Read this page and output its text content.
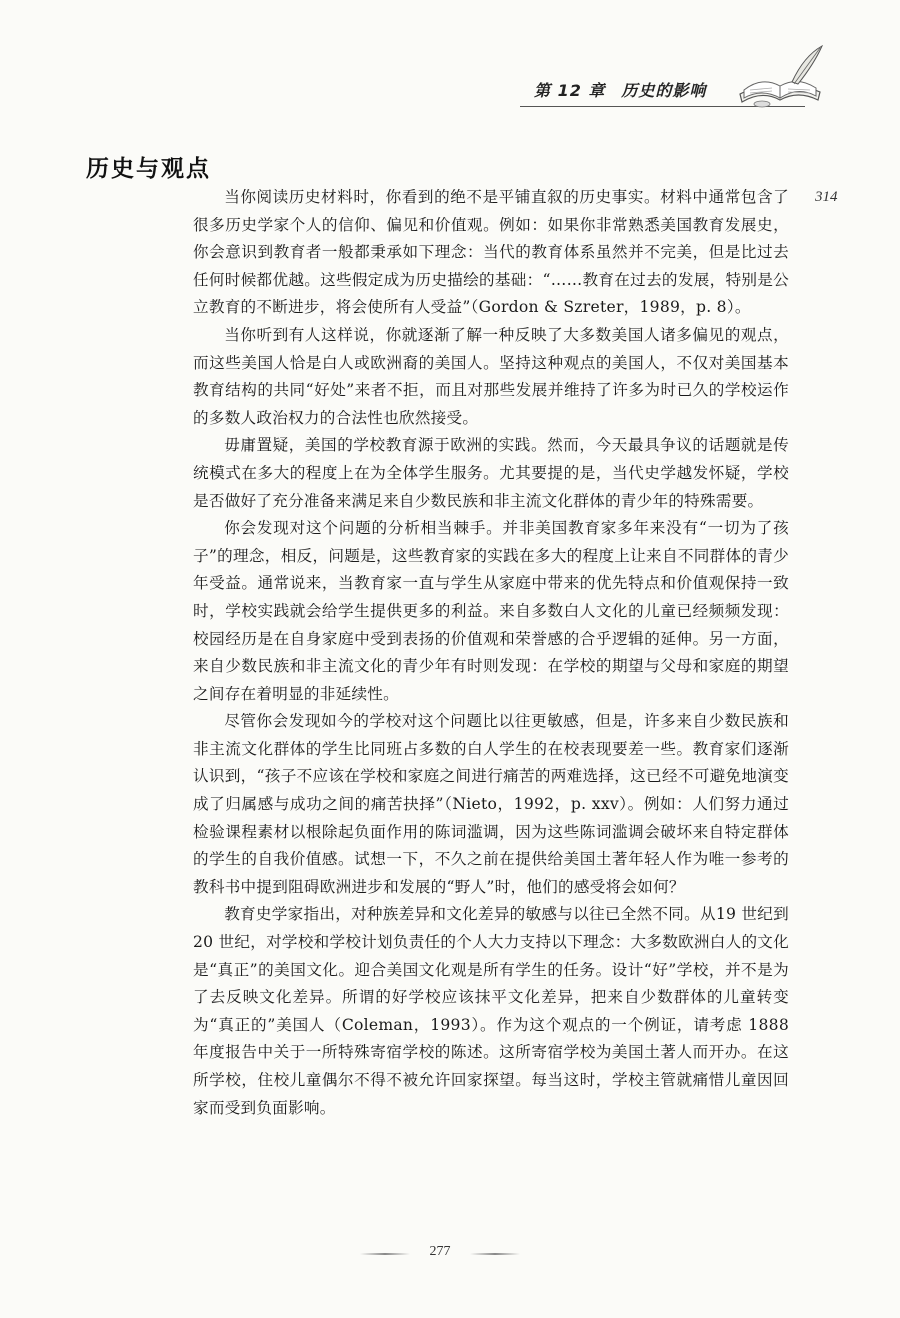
第 12 章 历史的影响
历史与观点
314

当你阅读历史材料时，你看到的绝不是平铺直叙的历史事实。材料中通常包含了很多历史学家个人的信仰、偏见和价值观。例如：如果你非常熟悉美国教育发展史，你会意识到教育者一般都秉承如下理念：当代的教育体系虽然并不完美，但是比过去任何时候都优越。这些假定成为历史描绘的基础：“……教育在过去的发展，特别是公立教育的不断进步，将会使所有人受益”（Gordon & Szreter，1989，p. 8）。

当你听到有人这样说，你就逐渐了解一种反映了大多数美国人诸多偏见的观点，而这些美国人恰是白人或欧洲裔的美国人。坚持这种观点的美国人，不仅对美国基本教育结构的共同“好处”来者不拒，而且对那些发展并维持了许多为时已久的学校运作的多数人政治权力的合法性也欣然接受。

毋庸置疑，美国的学校教育源于欧洲的实践。然而，今天最具争议的话题就是传统模式在多大的程度上在为全体学生服务。尤其要提的是，当代史学越发怀疑，学校是否做好了充分准备来满足来自少数民族和非主流文化群体的青少年的特殊需要。

你会发现对这个问题的分析相当棘手。并非美国教育家多年来没有“一切为了孩子”的理念，相反，问题是，这些教育家的实践在多大的程度上让来自不同群体的青少年受益。通常说来，当教育家一直与学生从家庭中带来的优先特点和价值观保持一致时，学校实践就会给学生提供更多的利益。来自多数白人文化的儿童已经频频发现：校园经历是在自身家庭中受到表扬的价值观和荣誉感的合乎逻辑的延伸。另一方面，来自少数民族和非主流文化的青少年有时则发现：在学校的期望与父母和家庭的期望之间存在着明显的非延续性。

尽管你会发现如今的学校对这个问题比以往更敏感，但是，许多来自少数民族和非主流文化群体的学生比同班占多数的白人学生的在校表现要差一些。教育家们逐渐认识到，“孩子不应该在学校和家庭之间进行痛苦的两难选择，这已经不可避免地演变成了归属感与成功之间的痛苦抉择”（Nieto，1992，p. xxv）。例如：人们努力通过检验课程素材以根除起负面作用的陈词滥调，因为这些陈词滥调会破坏来自特定群体的学生的自我价值感。试想一下，不久之前在提供给美国土著年轻人作为唯一参考的教科书中提到阻碍欧洲进步和发展的“野人”时，他们的感受将会如何？

教育史学家指出，对种族差异和文化差异的敏感与以往已全然不同。从19 世纪到 20 世纪，对学校和学校计划负责任的个人大力支持以下理念：大多数欧洲白人的文化是“真正”的美国文化。迎合美国文化观是所有学生的任务。设计“好”学校，并不是为了去反映文化差异。所谓的好学校应该抹平文化差异，把来自少数群体的儿童转变为“真正的”美国人（Coleman，1993）。作为这个观点的一个例证，请考虑 1888 年度报告中关于一所特殊寄宿学校的陈述。这所寄宿学校为美国土著人而开办。在这所学校，住校儿童偶尔不得不被允许回家探望。每当这时，学校主管就痛惜儿童因回家而受到负面影响。

277
